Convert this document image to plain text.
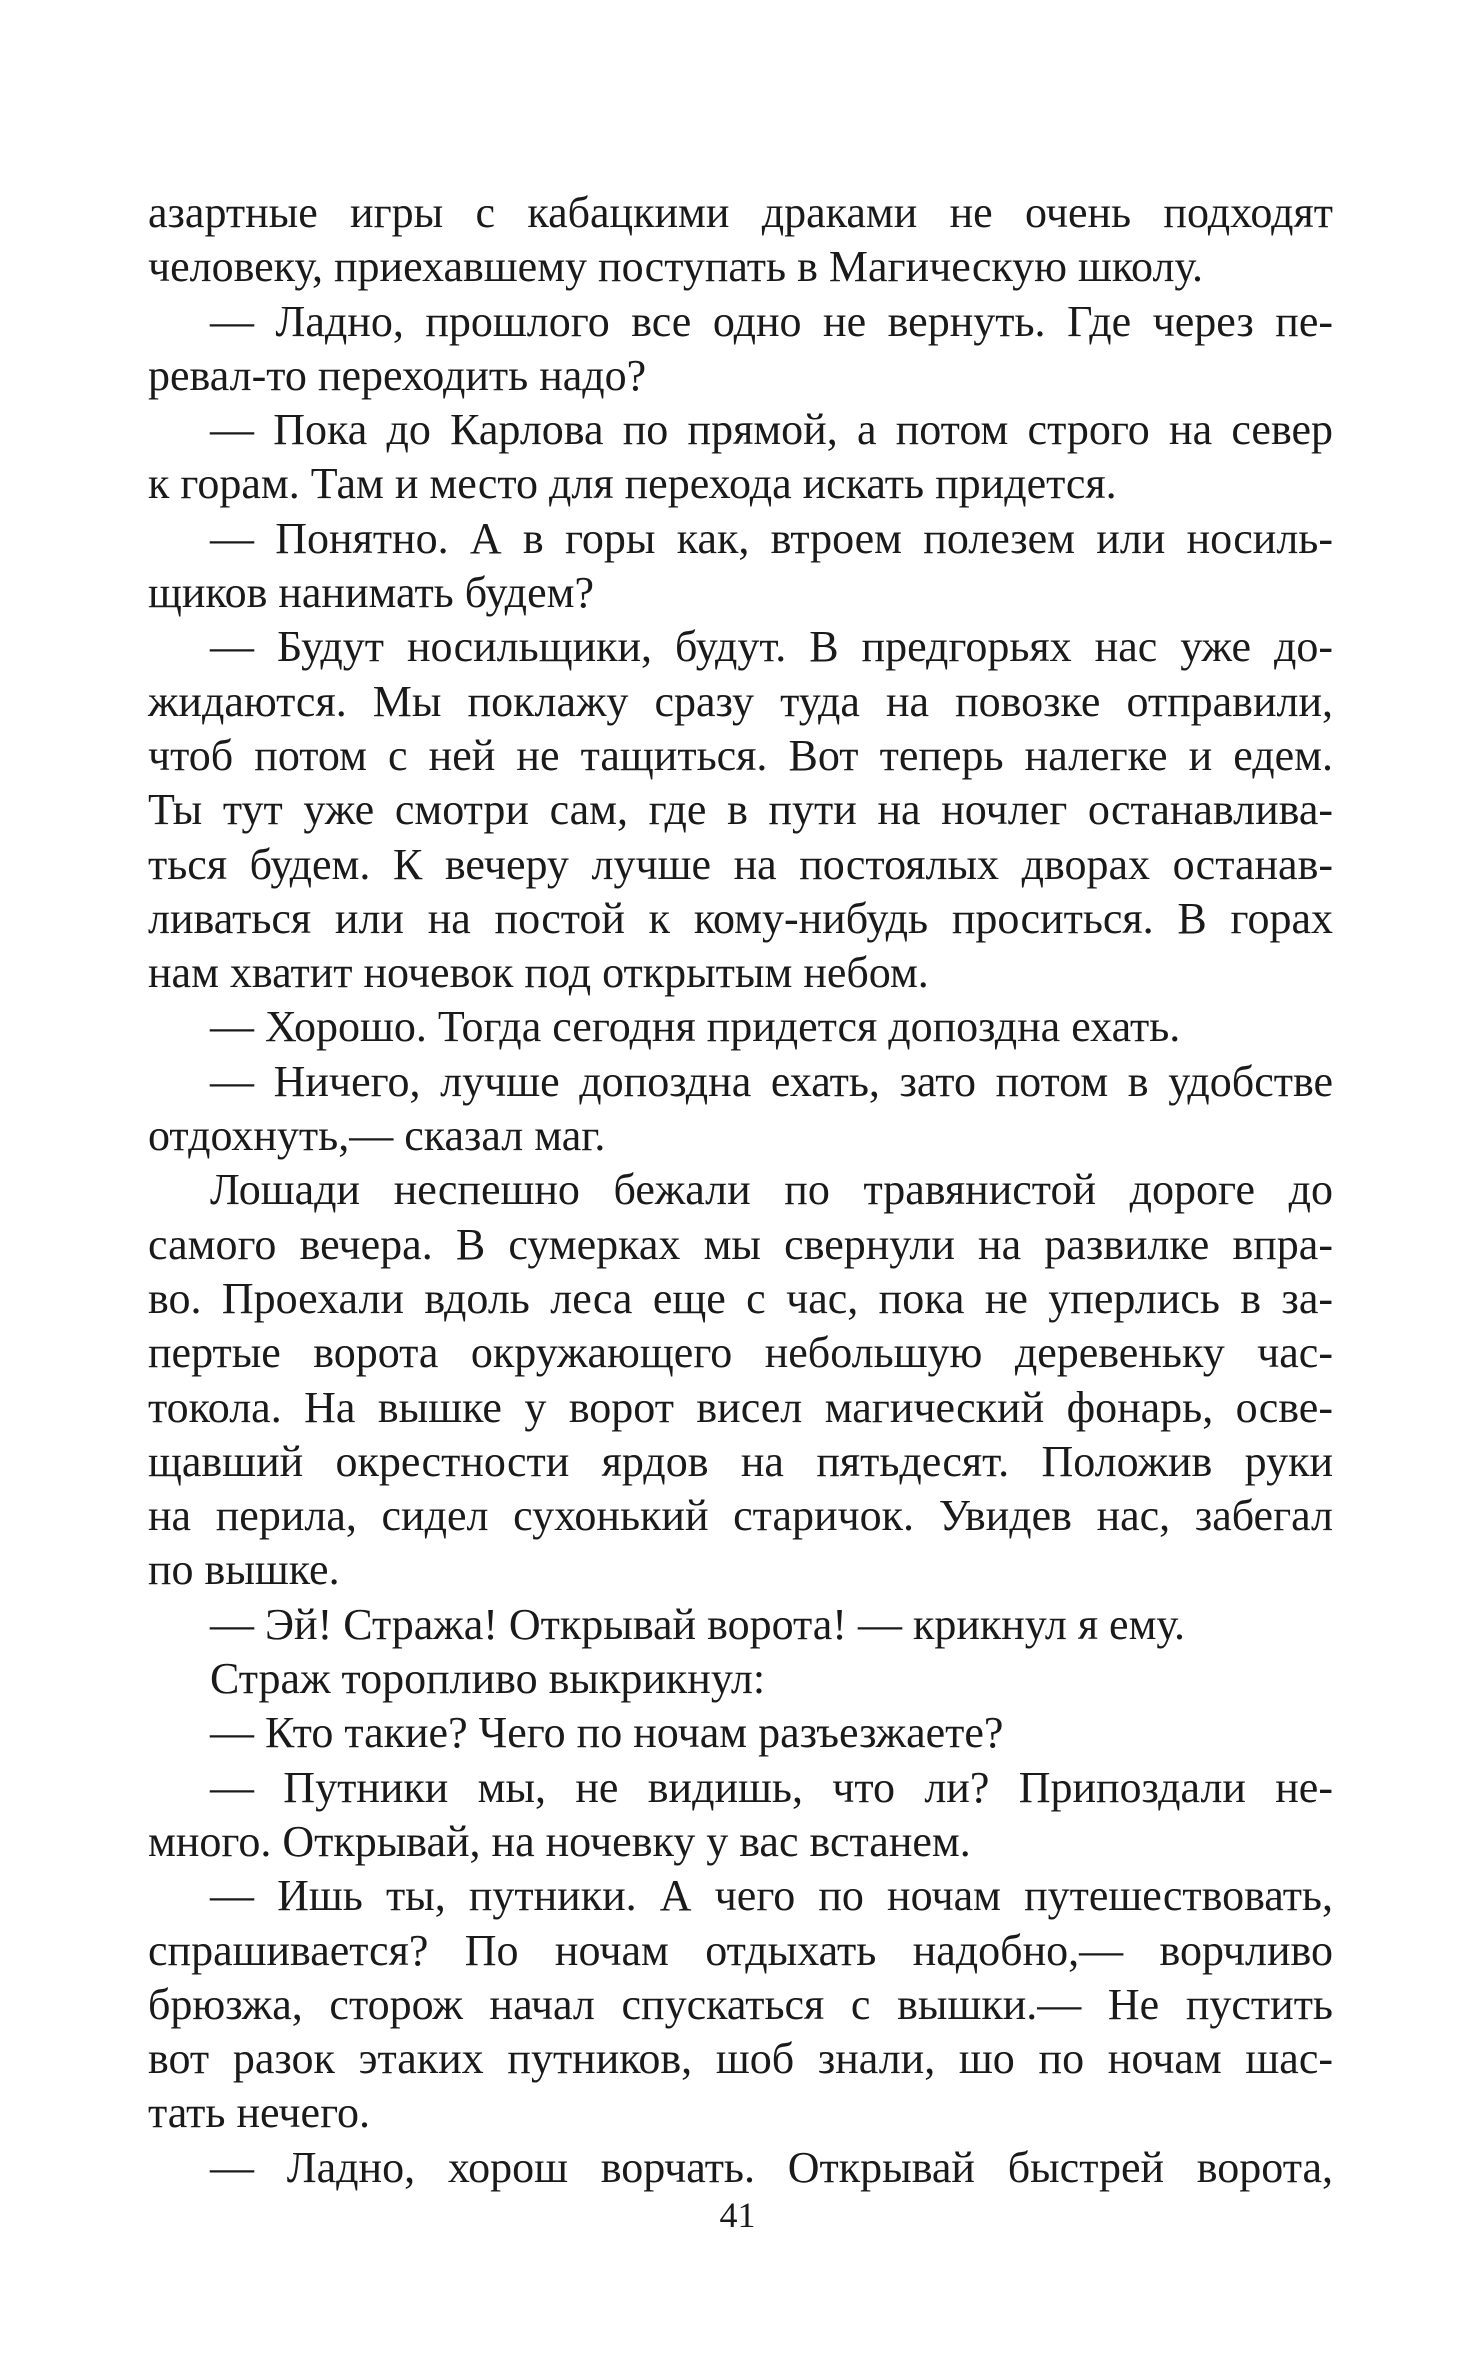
азартные игры с кабацкими драками не очень подходят
человеку, приехавшему поступать в Магическую школу.
— Ладно, прошлого все одно не вернуть. Где через пе-
ревал-то переходить надо?
— Пока до Карлова по прямой, а потом строго на север
к горам. Там и место для перехода искать придется.
— Понятно. А в горы как, втроем полезем или носиль-
щиков нанимать будем?
— Будут носильщики, будут. В предгорьях нас уже до-
жидаются. Мы поклажу сразу туда на повозке отправили,
чтоб потом с ней не тащиться. Вот теперь налегке и едем.
Ты тут уже смотри сам, где в пути на ночлег останавлива-
ться будем. К вечеру лучше на постоялых дворах останав-
ливаться или на постой к кому-нибудь проситься. В горах
нам хватит ночевок под открытым небом.
— Хорошо. Тогда сегодня придется допоздна ехать.
— Ничего, лучше допоздна ехать, зато потом в удобстве
отдохнуть,— сказал маг.
Лошади неспешно бежали по травянистой дороге до
самого вечера. В сумерках мы свернули на развилке впра-
во. Проехали вдоль леса еще с час, пока не уперлись в за-
пертые ворота окружающего небольшую деревеньку час-
токола. На вышке у ворот висел магический фонарь, осве-
щавший окрестности ярдов на пятьдесят. Положив руки
на перила, сидел сухонький старичок. Увидев нас, забегал
по вышке.
— Эй! Стража! Открывай ворота! — крикнул я ему.
Страж торопливо выкрикнул:
— Кто такие? Чего по ночам разъезжаете?
— Путники мы, не видишь, что ли? Припоздали не-
много. Открывай, на ночевку у вас встанем.
— Ишь ты, путники. А чего по ночам путешествовать,
спрашивается? По ночам отдыхать надобно,— ворчливо
брюзжа, сторож начал спускаться с вышки.— Не пустить
вот разок этаких путников, шоб знали, шо по ночам шас-
тать нечего.
— Ладно, хорош ворчать. Открывай быстрей ворота,
41
